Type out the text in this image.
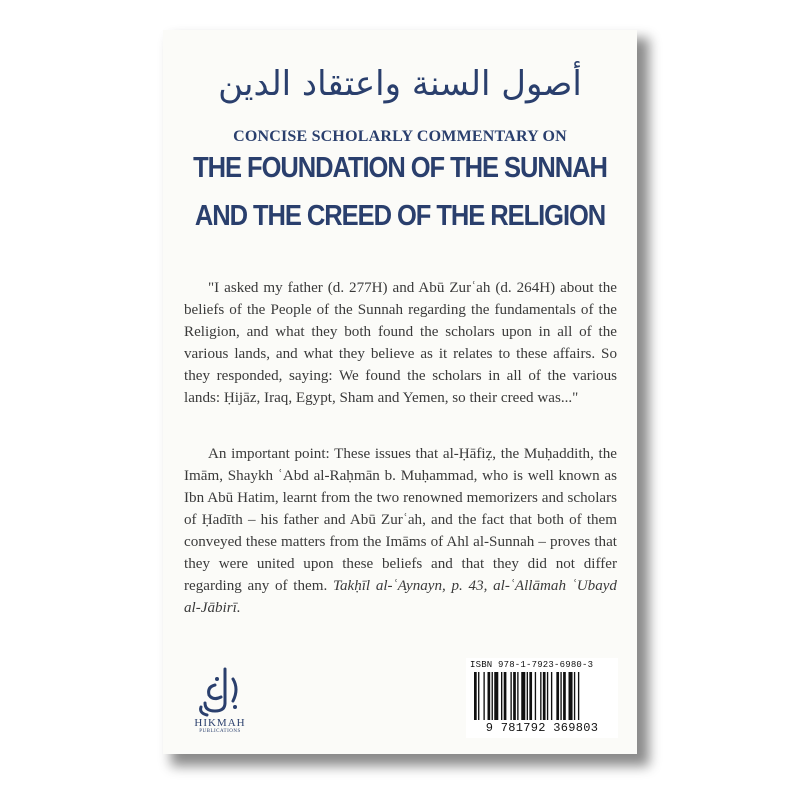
أصول السنة واعتقاد الدين
CONCISE SCHOLARLY COMMENTARY ON
THE FOUNDATION OF THE SUNNAH
AND THE CREED OF THE RELIGION

"I asked my father (d. 277H) and Abū Zurʿah (d. 264H) about the beliefs of the People of the Sunnah regarding the fundamentals of the Religion, and what they both found the scholars upon in all of the various lands, and what they believe as it relates to these affairs. So they responded, saying: We found the scholars in all of the various lands: Ḥijāz, Iraq, Egypt, Sham and Yemen, so their creed was..."

An important point: These issues that al-Ḥāfiẓ, the Muḥaddith, the Imām, Shaykh ʿAbd al-Raḥmān b. Muḥammad, who is well known as Ibn Abū Hatim, learnt from the two renowned memorizers and scholars of Ḥadīth – his father and Abū Zurʿah, and the fact that both of them conveyed these matters from the Imāms of Ahl al-Sunnah – proves that they were united upon these beliefs and that they did not differ regarding any of them. Takḥīl al-ʿAynayn, p. 43, al-ʿAllāmah ʿUbayd al-Jābirī.

HIKMAH
PUBLICATIONS
ISBN 978-1-7923-6980-3
9 781792 369803
